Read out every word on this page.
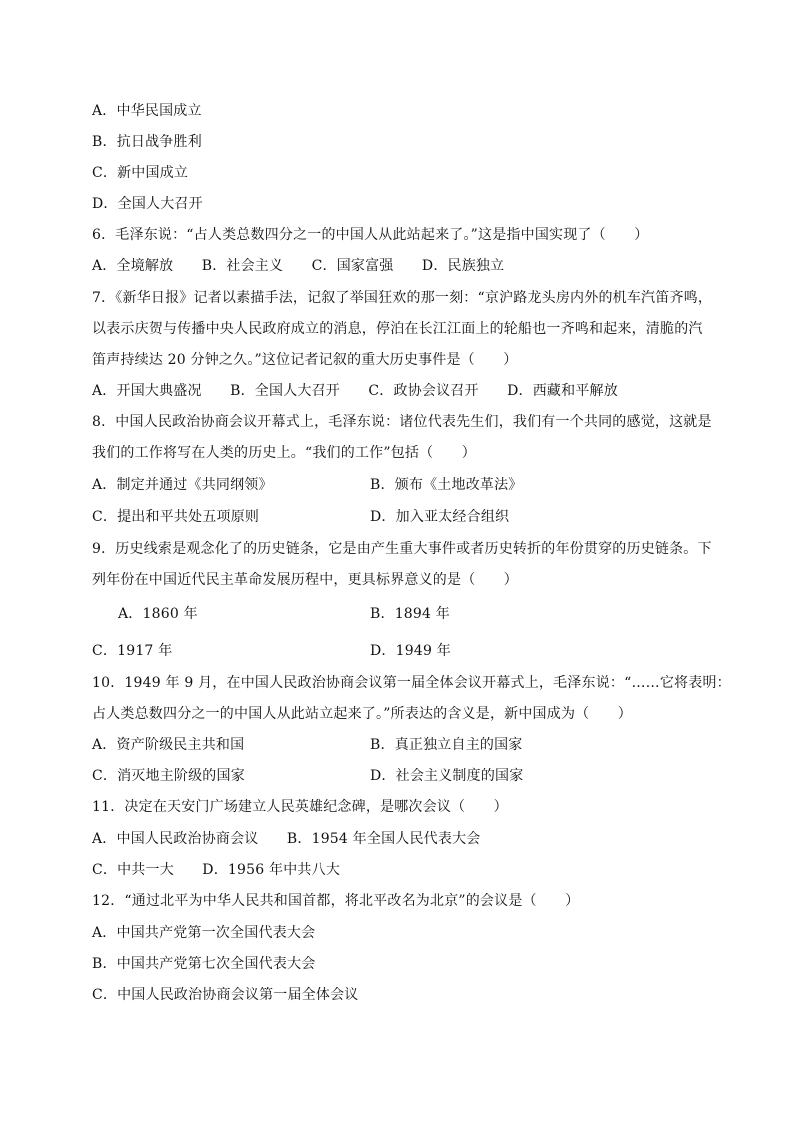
A．中华民国成立
B．抗日战争胜利
C．新中国成立
D．全国人大召开
6．毛泽东说：“占人类总数四分之一的中国人从此站起来了。”这是指中国实现了（　　）
A．全境解放　　B．社会主义　　C．国家富强　　D．民族独立
7．《新华日报》记者以素描手法，记叙了举国狂欢的那一刻：“京沪路龙头房内外的机车汽笛齐鸣，
以表示庆贺与传播中央人民政府成立的消息，停泊在长江江面上的轮船也一齐鸣和起来，清脆的汽
笛声持续达 20 分钟之久。”这位记者记叙的重大历史事件是（　　）
A．开国大典盛况　　B．全国人大召开　　C．政协会议召开　　D．西藏和平解放
8．中国人民政治协商会议开幕式上，毛泽东说：诸位代表先生们，我们有一个共同的感觉，这就是
我们的工作将写在人类的历史上。“我们的工作”包括（　　）
A．制定并通过《共同纲领》	B．颁布《土地改革法》
C．提出和平共处五项原则	D．加入亚太经合组织
9．历史线索是观念化了的历史链条，它是由产生重大事件或者历史转折的年份贯穿的历史链条。下
列年份在中国近代民主革命发展历程中，更具标界意义的是（　　）
A．1860 年	B．1894 年
C．1917 年	D．1949 年
10．1949 年 9 月，在中国人民政治协商会议第一届全体会议开幕式上，毛泽东说：“……它将表明：
占人类总数四分之一的中国人从此站立起来了。”所表达的含义是，新中国成为（　　）
A．资产阶级民主共和国	B．真正独立自主的国家
C．消灭地主阶级的国家	D．社会主义制度的国家
11．决定在天安门广场建立人民英雄纪念碑，是哪次会议（　　）
A．中国人民政治协商会议　　B．1954 年全国人民代表大会
C．中共一大　　D．1956 年中共八大
12．“通过北平为中华人民共和国首都，将北平改名为北京”的会议是（　　）
A．中国共产党第一次全国代表大会
B．中国共产党第七次全国代表大会
C．中国人民政治协商会议第一届全体会议
